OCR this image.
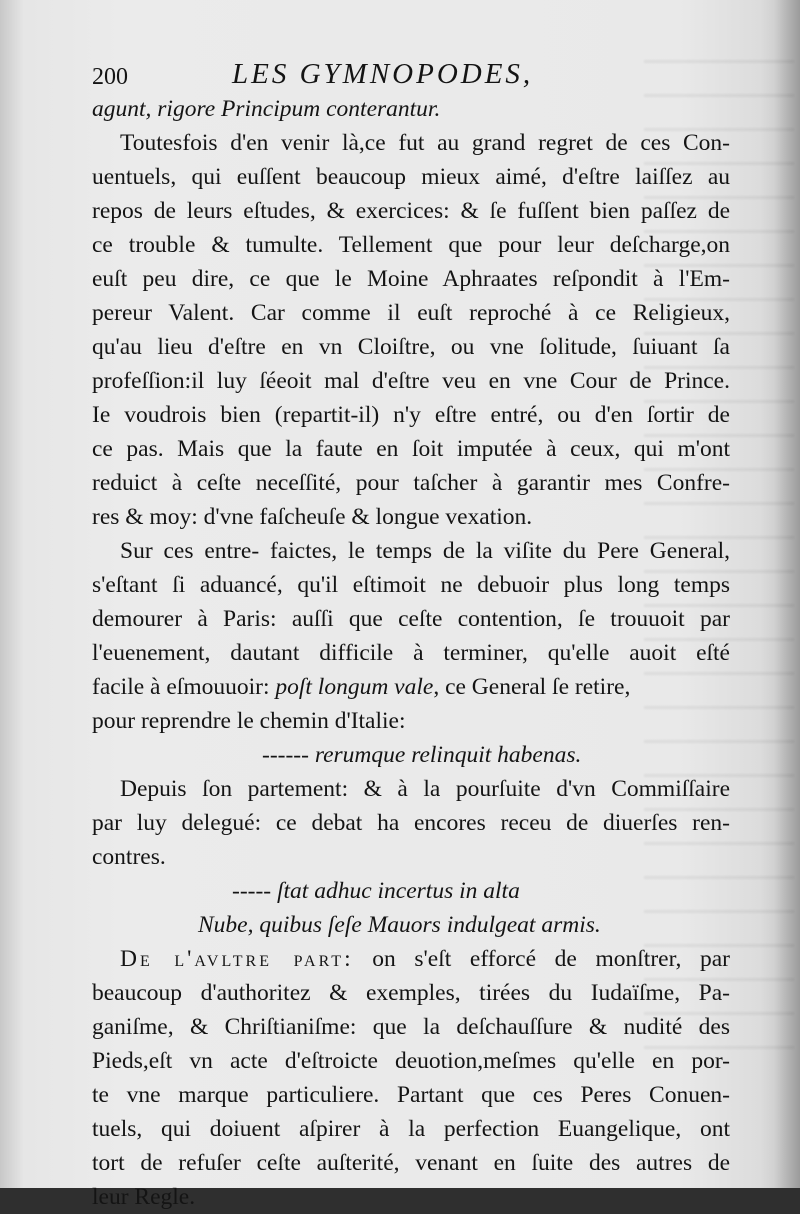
200	LES GYMNOPODES,
agunt, rigore Principum conterantur.
Toutesfois d'en venir là,ce fut au grand regret de ces Con-
uentuels, qui euſſent beaucoup mieux aimé, d'eſtre laiſſez au
repos de leurs eſtudes, & exercices: & ſe fuſſent bien paſſez de
ce trouble & tumulte. Tellement que pour leur deſcharge,on
euſt peu dire, ce que le Moine Aphraates reſpondit à l'Em-
pereur Valent. Car comme il euſt reproché à ce Religieux,
qu'au lieu d'eſtre en vn Cloiſtre, ou vne ſolitude, ſuiuant ſa
profeſſion:il luy ſéeoit mal d'eſtre veu en vne Cour de Prince.
Ie voudrois bien (repartit-il) n'y eſtre entré, ou d'en ſortir de
ce pas. Mais que la faute en ſoit imputée à ceux, qui m'ont
reduict à ceſte neceſſité, pour taſcher à garantir mes Confre-
res & moy: d'vne faſcheuſe & longue vexation.
Sur ces entre- faictes, le temps de la viſite du Pere General,
s'eſtant ſi aduancé, qu'il eſtimoit ne debuoir plus long temps
demourer à Paris: auſſi que ceſte contention, ſe trouuoit par
l'euenement, dautant difficile à terminer, qu'elle auoit eſté
facile à eſmouuoir: poſt longum vale, ce General ſe retire,
pour reprendre le chemin d'Italie:
------ rerumque relinquit habenas.
Depuis ſon partement: & à la pourſuite d'vn Commiſſaire
par luy delegué: ce debat ha encores receu de diuerſes ren-
contres.
----- ſtat adhuc incertus in alta
Nube, quibus ſeſe Mauors indulgeat armis.
De l'avltre part: on s'eſt efforcé de monſtrer, par
beaucoup d'authoritez & exemples, tirées du Iudaïſme, Pa-
ganiſme, & Chriſtianiſme: que la deſchauſſure & nudité des
Pieds,eſt vn acte d'eſtroicte deuotion,meſmes qu'elle en por-
te vne marque particuliere. Partant que ces Peres Conuen-
tuels, qui doiuent aſpirer à la perfection Euangelique, ont
tort de refuſer ceſte auſterité, venant en ſuite des autres de
leur Regle.
